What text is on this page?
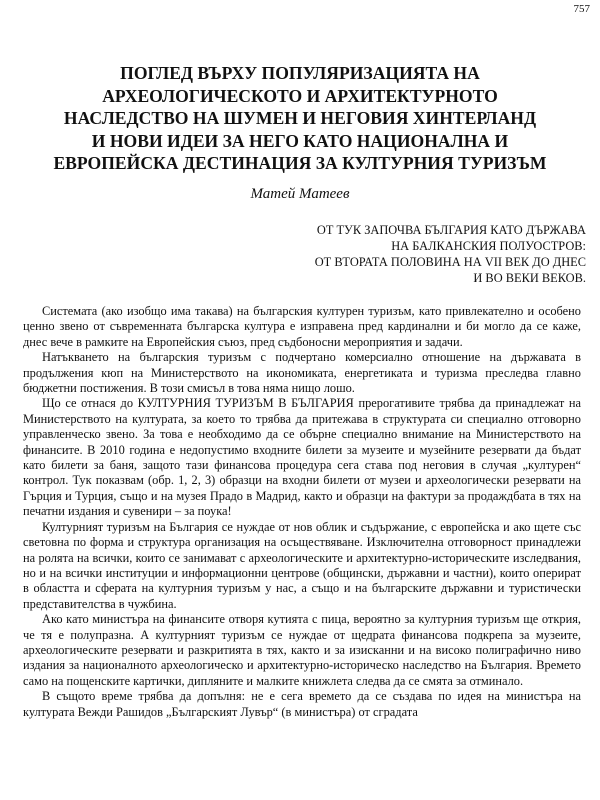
757
ПОГЛЕД ВЪРХУ ПОПУЛЯРИЗАЦИЯТА НА
АРХЕОЛОГИЧЕСКОТО И АРХИТЕКТУРНОТО
НАСЛЕДСТВО НА ШУМЕН И НЕГОВИЯ ХИНТЕРЛАНД
И НОВИ ИДЕИ ЗА НЕГО КАТО НАЦИОНАЛНА И
ЕВРОПЕЙСКА ДЕСТИНАЦИЯ ЗА КУЛТУРНИЯ ТУРИЗЪМ
Матей Матеев
ОТ ТУК ЗАПОЧВА БЪЛГАРИЯ КАТО ДЪРЖАВА
НА БАЛКАНСКИЯ ПОЛУОСТРОВ:
ОТ ВТОРАТА ПОЛОВИНА НА VII ВЕК ДО ДНЕС
И ВО ВЕКИ ВЕКОВ.

Системата (ако изобщо има такава) на българския културен туризъм, като привлекателно и особено ценно звено от съвременната българска култура е изправена пред кардинални и би могло да се каже, днес вече в рамките на Европейския съюз, пред съдбоносни мероприятия и задачи.

Натъкването на българския туризъм с подчертано комерсиално отношение на държавата в продължения кюп на Министерството на икономиката, енергетиката и туризма преследва главно бюджетни постижения. В този смисъл в това няма нищо лошо.

Що се отнася до КУЛТУРНИЯ ТУРИЗЪМ В БЪЛГАРИЯ прерогативите трябва да принадлежат на Министерството на културата, за което то трябва да притежава в структурата си специално отговорно управленческо звено. За това е необходимо да се обърне специално внимание на Министерството на финансите. В 2010 година е недопустимо входните билети за музеите и музейните резервати да бъдат като билети за баня, защото тази финансова процедура сега става под неговия в случая „културен“ контрол. Тук показвам (обр. 1, 2, 3) образци на входни билети от музеи и археологически резервати на Гърция и Турция, също и на музея Прадо в Мадрид, както и образци на фактури за продаждбата в тях на печатни издания и сувенири – за поука!

Културният туризъм на България се нуждае от нов облик и съдържание, с европейска и ако щете със световна по форма и структура организация на осъществяване. Изключителна отговорност принадлежи на ролята на всички, които се занимават с археологическите и архитектурно-историческите изследвания, но и на всички институции и информационни центрове (общински, държавни и частни), които оперират в областта и сферата на културния туризъм у нас, а също и на българските държавни и туристически представителства в чужбина.

Ако като министъра на финансите отворя кутията с пица, вероятно за културния туризъм ще открия, че тя е полупразна. А културният туризъм се нуждае от щедрата финансова подкрепа за музеите, археологическите резервати и разкритията в тях, както и за изисканни и на високо полиграфично ниво издания за националното археологическо и архитектурно-историческо наследство на България. Времето само на пощенските картички, дипляните и малките книжлета следва да се смята за отминало.

В същото време трябва да допълня: не е сега времето да се създава по идея на министъра на културата Вежди Рашидов „Българският Лувър“ (в министъра) от сградата
